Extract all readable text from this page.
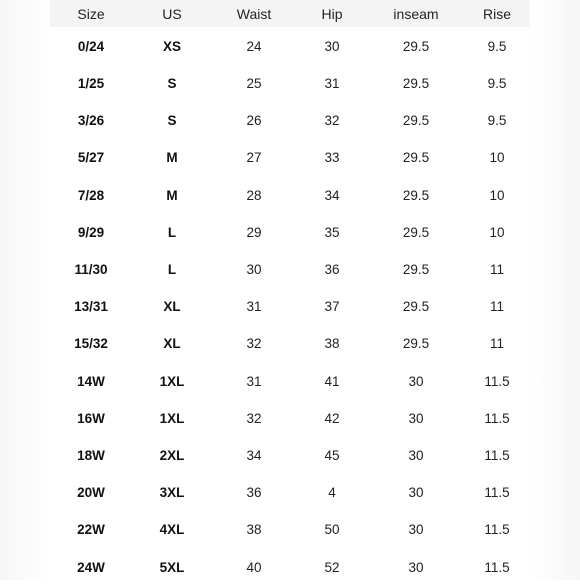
Size	US	Waist	Hip	inseam	Rise
0/24	XS	24	30	29.5	9.5
1/25	S	25	31	29.5	9.5
3/26	S	26	32	29.5	9.5
5/27	M	27	33	29.5	10
7/28	M	28	34	29.5	10
9/29	L	29	35	29.5	10
11/30	L	30	36	29.5	11
13/31	XL	31	37	29.5	11
15/32	XL	32	38	29.5	11
14W	1XL	31	41	30	11.5
16W	1XL	32	42	30	11.5
18W	2XL	34	45	30	11.5
20W	3XL	36	4	30	11.5
22W	4XL	38	50	30	11.5
24W	5XL	40	52	30	11.5
